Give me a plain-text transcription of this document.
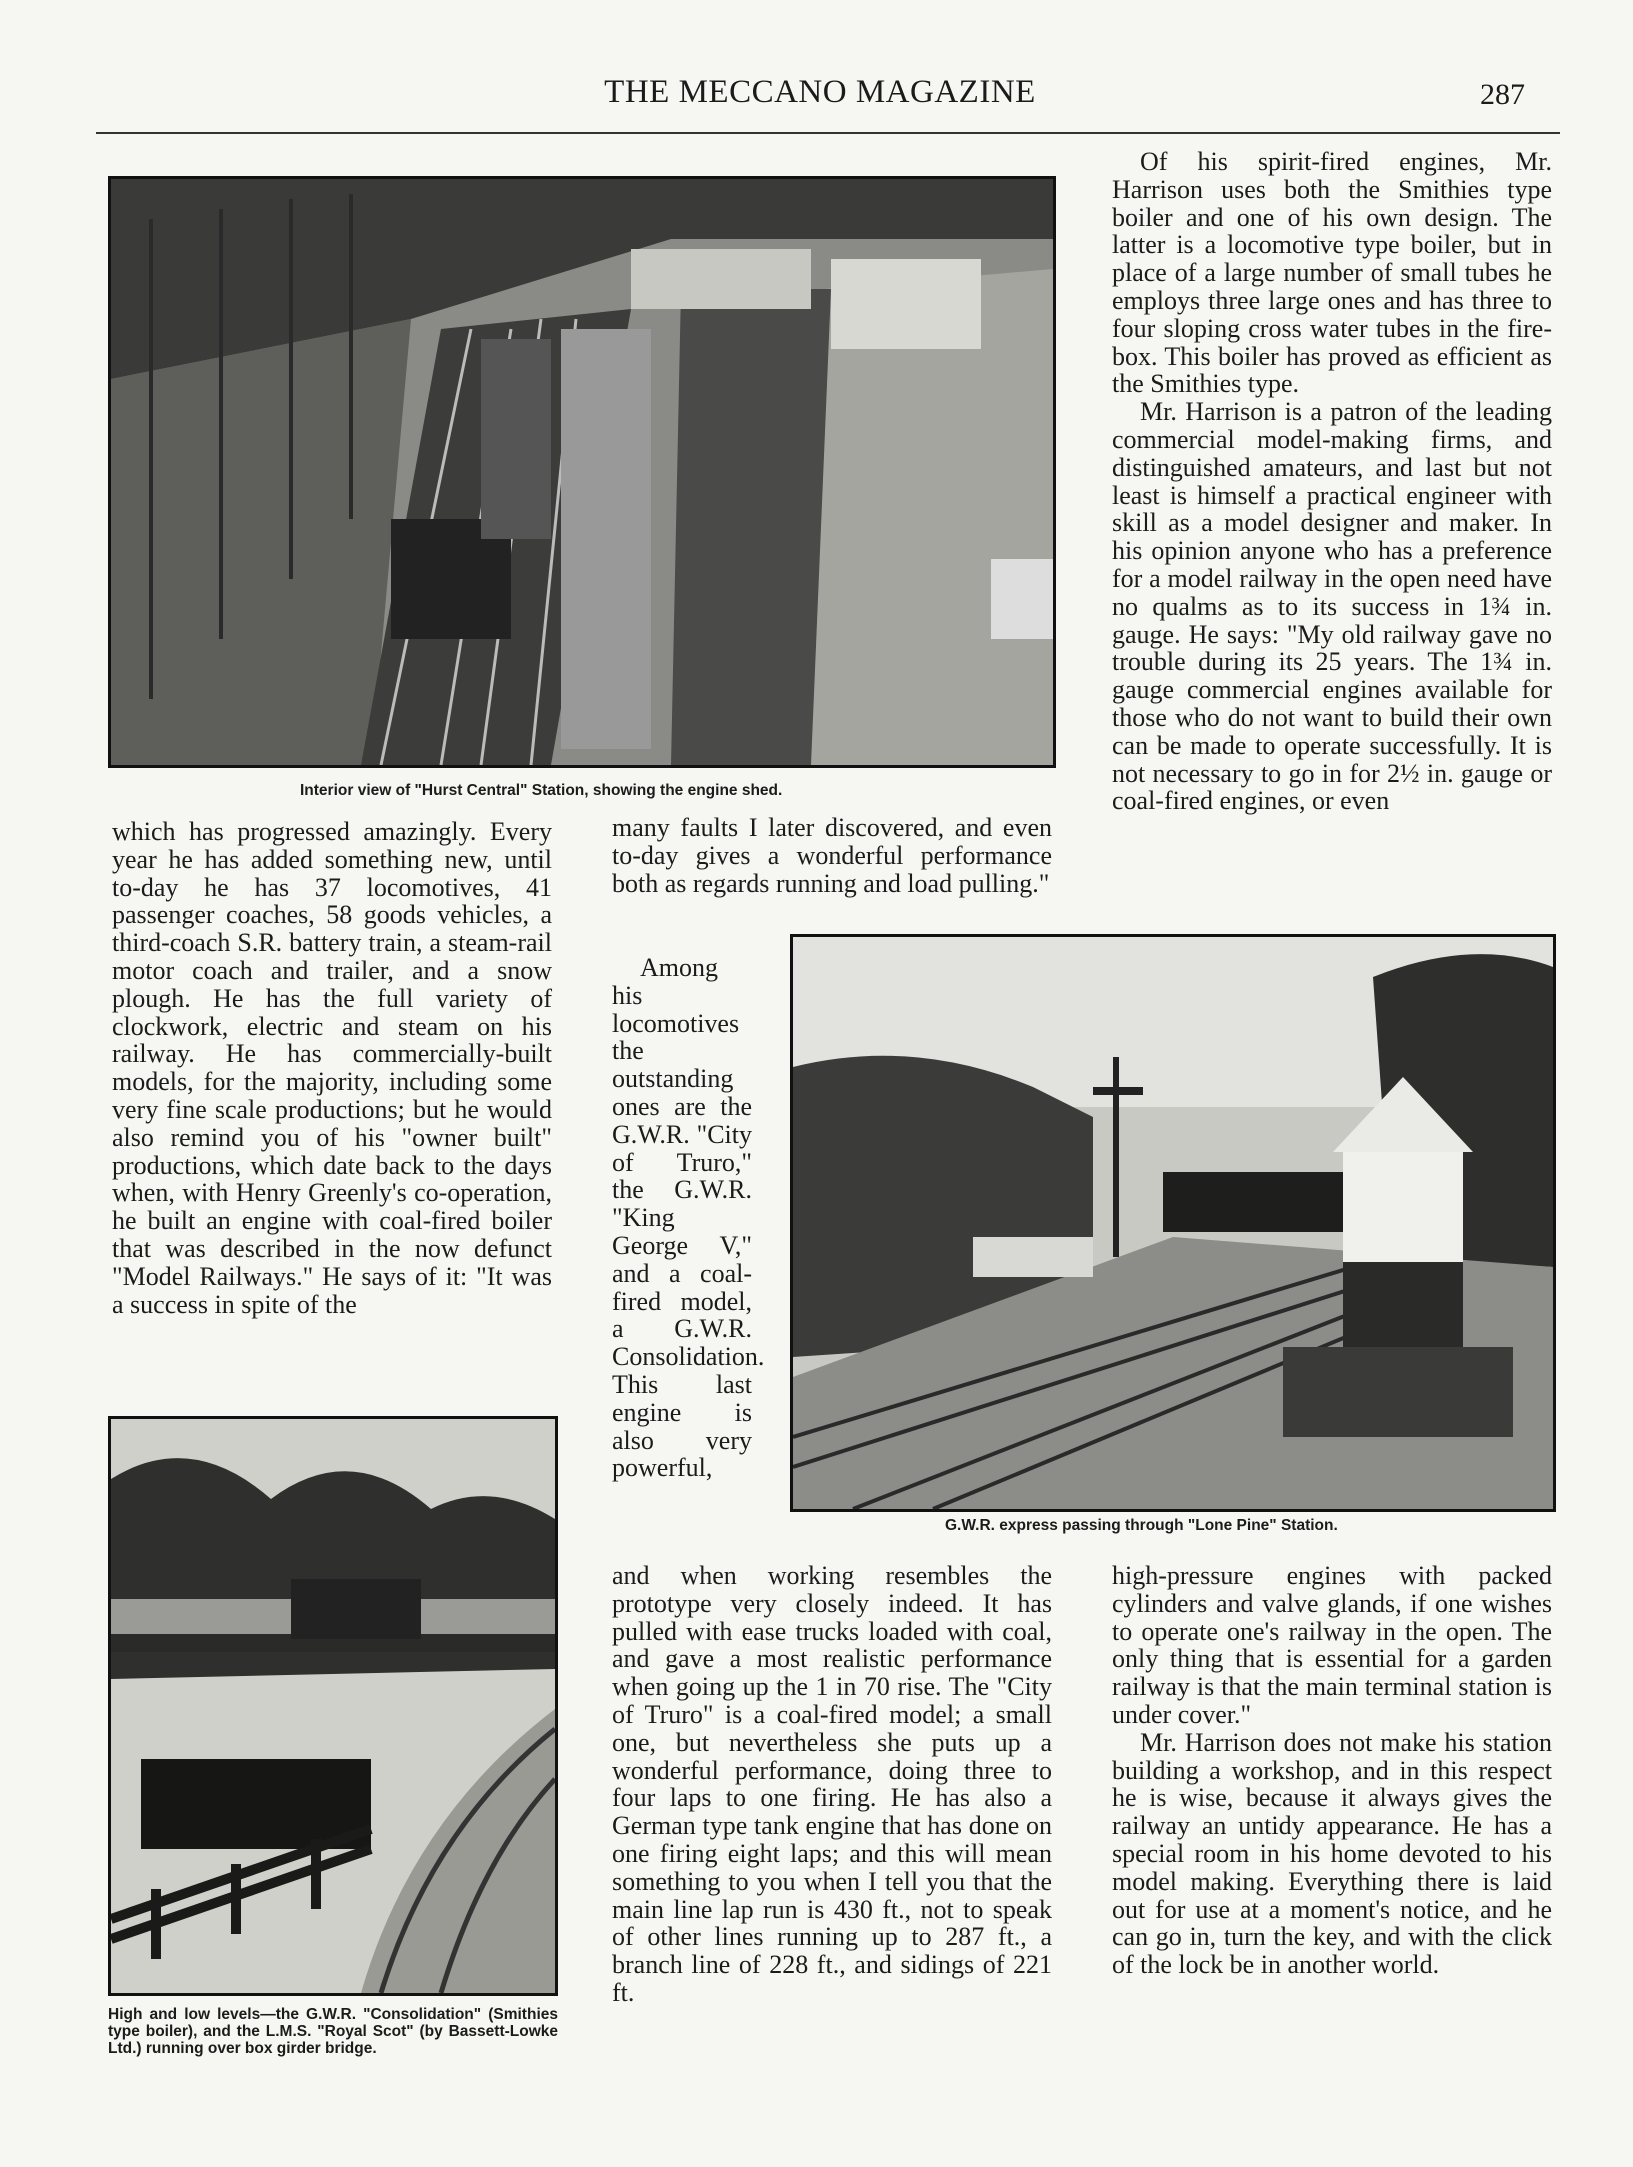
THE MECCANO MAGAZINE	287
Interior view of "Hurst Central" Station, showing the engine shed.

which has progressed amazingly. Every year he has added something new, until to-day he has 37 locomotives, 41 passenger coaches, 58 goods vehicles, a third-coach S.R. battery train, a steam-rail motor coach and trailer, and a snow plough. He has the full variety of clockwork, electric and steam on his railway. He has commercially-built models, for the majority, including some very fine scale productions; but he would also remind you of his "owner built" productions, which date back to the days when, with Henry Greenly's co-operation, he built an engine with coal-fired boiler that was described in the now defunct "Model Railways." He says of it: "It was a success in spite of the

many faults I later discovered, and even to-day gives a wonderful performance both as regards running and load pulling."

Among his locomotives the outstanding ones are the G.W.R. "City of Truro," the G.W.R. "King George V," and a coal-fired model, a G.W.R. Consolidation. This last engine is also very powerful,

and when working resembles the prototype very closely indeed. It has pulled with ease trucks loaded with coal, and gave a most realistic performance when going up the 1 in 70 rise. The "City of Truro" is a coal-fired model; a small one, but nevertheless she puts up a wonderful performance, doing three to four laps to one firing. He has also a German type tank engine that has done on one firing eight laps; and this will mean something to you when I tell you that the main line lap run is 430 ft., not to speak of other lines running up to 287 ft., a branch line of 228 ft., and sidings of 221 ft.

Of his spirit-fired engines, Mr. Harrison uses both the Smithies type boiler and one of his own design. The latter is a locomotive type boiler, but in place of a large number of small tubes he employs three large ones and has three to four sloping cross water tubes in the fire-box. This boiler has proved as efficient as the Smithies type.

Mr. Harrison is a patron of the leading commercial model-making firms, and distinguished amateurs, and last but not least is himself a practical engineer with skill as a model designer and maker. In his opinion anyone who has a preference for a model railway in the open need have no qualms as to its success in 1¾ in. gauge. He says: "My old railway gave no trouble during its 25 years. The 1¾ in. gauge commercial engines available for those who do not want to build their own can be made to operate successfully. It is not necessary to go in for 2½ in. gauge or coal-fired engines, or even

G.W.R. express passing through "Lone Pine" Station.

high-pressure engines with packed cylinders and valve glands, if one wishes to operate one's railway in the open. The only thing that is essential for a garden railway is that the main terminal station is under cover."

Mr. Harrison does not make his station building a workshop, and in this respect he is wise, because it always gives the railway an untidy appearance. He has a special room in his home devoted to his model making. Everything there is laid out for use at a moment's notice, and he can go in, turn the key, and with the click of the lock be in another world.

High and low levels—the G.W.R. "Consolidation" (Smithies type boiler), and the L.M.S. "Royal Scot" (by Bassett-Lowke Ltd.) running over box girder bridge.
